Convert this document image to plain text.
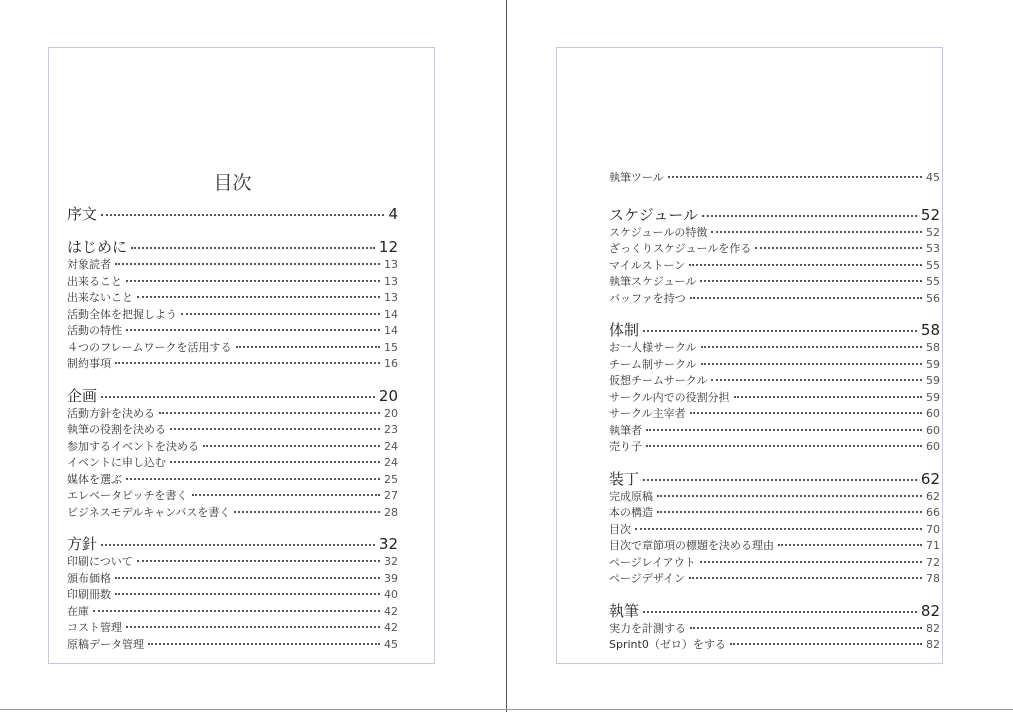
目次
序文	4
はじめに	12
対象読者	13
出来ること	13
出来ないこと	13
活動全体を把握しよう	14
活動の特性	14
４つのフレームワークを活用する	15
制約事項	16
企画	20
活動方針を決める	20
執筆の役割を決める	23
参加するイベントを決める	24
イベントに申し込む	24
媒体を選ぶ	25
エレベータピッチを書く	27
ビジネスモデルキャンバスを書く	28
方針	32
印刷について	32
頒布価格	39
印刷冊数	40
在庫	42
コスト管理	42
原稿データ管理	45
執筆ツール	45
スケジュール	52
スケジュールの特徴	52
ざっくりスケジュールを作る	53
マイルストーン	55
執筆スケジュール	55
バッファを持つ	56
体制	58
お一人様サークル	58
チーム制サークル	59
仮想チームサークル	59
サークル内での役割分担	59
サークル主宰者	60
執筆者	60
売り子	60
装丁	62
完成原稿	62
本の構造	66
目次	70
目次で章節項の標題を決める理由	71
ページレイアウト	72
ページデザイン	78
執筆	82
実力を計測する	82
Sprint0（ゼロ）をする	82
